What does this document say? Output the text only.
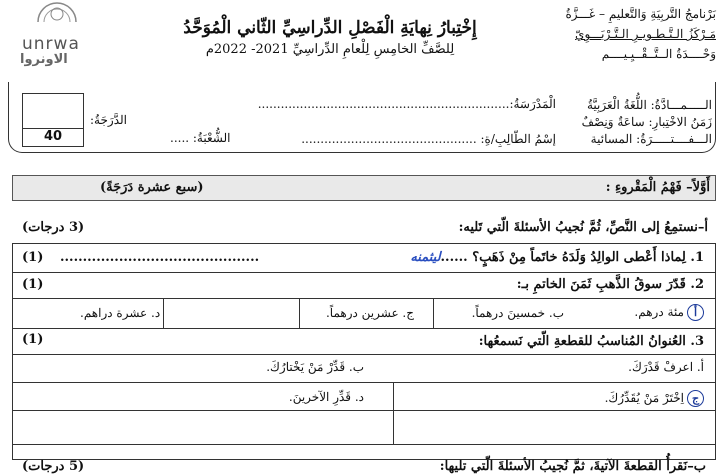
unrwa
الاونروا
بَرْنامجُ التَّربِيَةِ وَالتَّعليمِ – غَـــزَّةُ
مَـرْكَزُ الـتَّـطـويـرِ الـتَّـرْبَـــوِيّ
وَحْــــدَةُ الــتَّــقْــيِـيــــم
إِخْتِبارُ نِهايَةِ الْفَصْلِ الدِّراسِيِّ الثّاني الْمُوَحَّدُ
لِلصَّفِّ الخامِسِ لِلْعامِ الدِّراسِيِّ 2021- 2022م
الـــــمـــادَّةُ: اللُّغَةُ الْعَرَبِيَّةُ
زَمَنُ الاخْتِبارِ: ساعَةٌ وَنِصْفٌ
الـــفــــتـــــرَةُ: المسائية
الْمَدْرَسَةُ:..................................................................
إسْمُ الطّالِبِ/ةِ: ..............................................
الشُّعْبَةُ: .....
الدَّرَجَةُ:
40
أَوَّلاً– فَهْمُ الْمَقْروءِ :
(سبع عشرة دَرَجَةً)
أ–نستمِعُ إلى النَّصِّ، ثُمَّ نُجيبُ الأسئلةَ الّتي تَليه:
(3 درجات)
1. لِماذا أَعْطى الوالِدُ وَلَدَهُ خاتَماً مِنْ ذَهَبٍ؟ ......ليثمنه
............................................
(1)
2. قَدّرَ سوقُ الذَّهبِ ثَمَنَ الخاتمِ بـ:
(1)
أمئة درهم.
ب. خمسينَ درهماً.
ج. عشرين درهماً.
د. عشرة دراهم.
3. العُنوانُ المُناسبُ للقطعةِ الّتي نَسمعُها:
(1)
أ. اعرفْ قَدْرَكَ.
ب. قَدِّرْ مَنْ يَخْتارُكَ.
جاِخْتَرْ مَنْ يُقَدِّرُكَ.
د. قَدِّرِ الآخرينَ.
ب–نَقرأُ القطعةَ الآتيةَ، ثمَّ نُجيبُ الأسئلةَ الّتي تليها:
(5 درجات)
